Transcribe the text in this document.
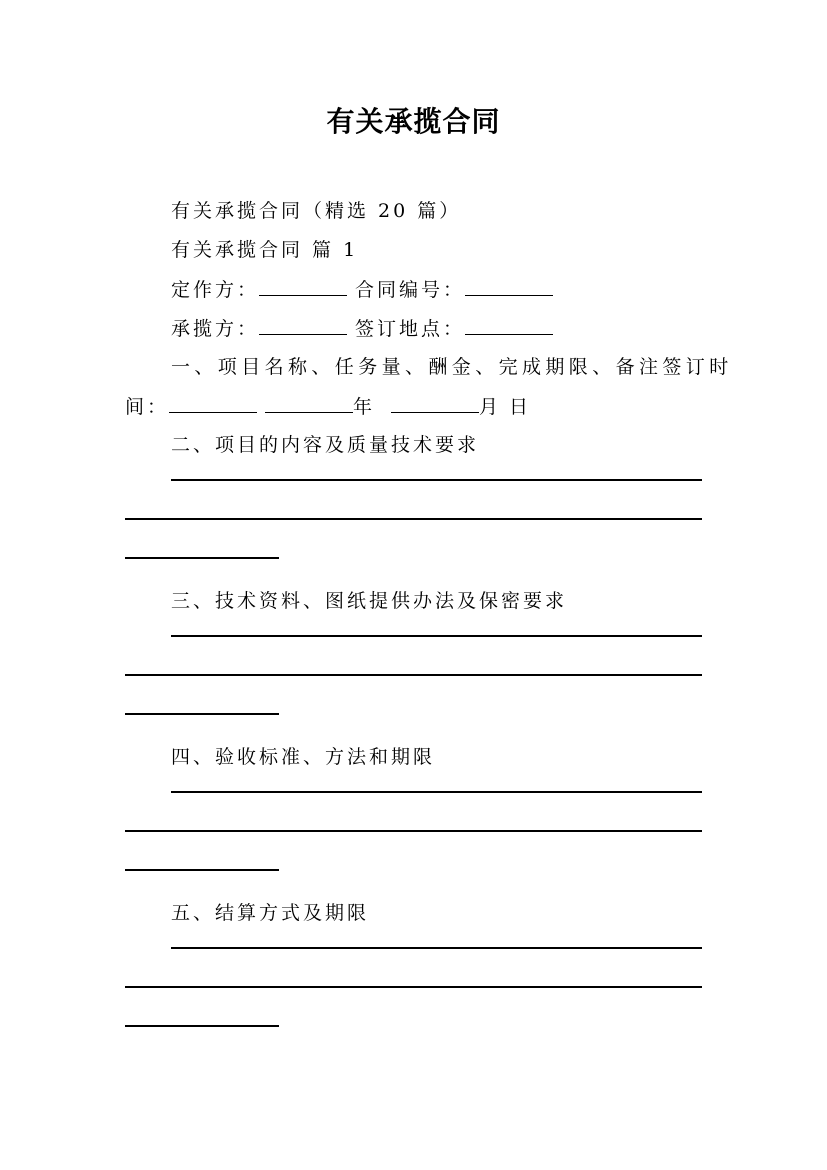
有关承揽合同
有关承揽合同（精选 20 篇）
有关承揽合同 篇 1
定作方：	合同编号：
承揽方：	签订地点：
一、项目名称、任务量、酬金、完成期限、备注签订时
间：	年	月 日
二、项目的内容及质量技术要求
三、技术资料、图纸提供办法及保密要求
四、验收标准、方法和期限
五、结算方式及期限
